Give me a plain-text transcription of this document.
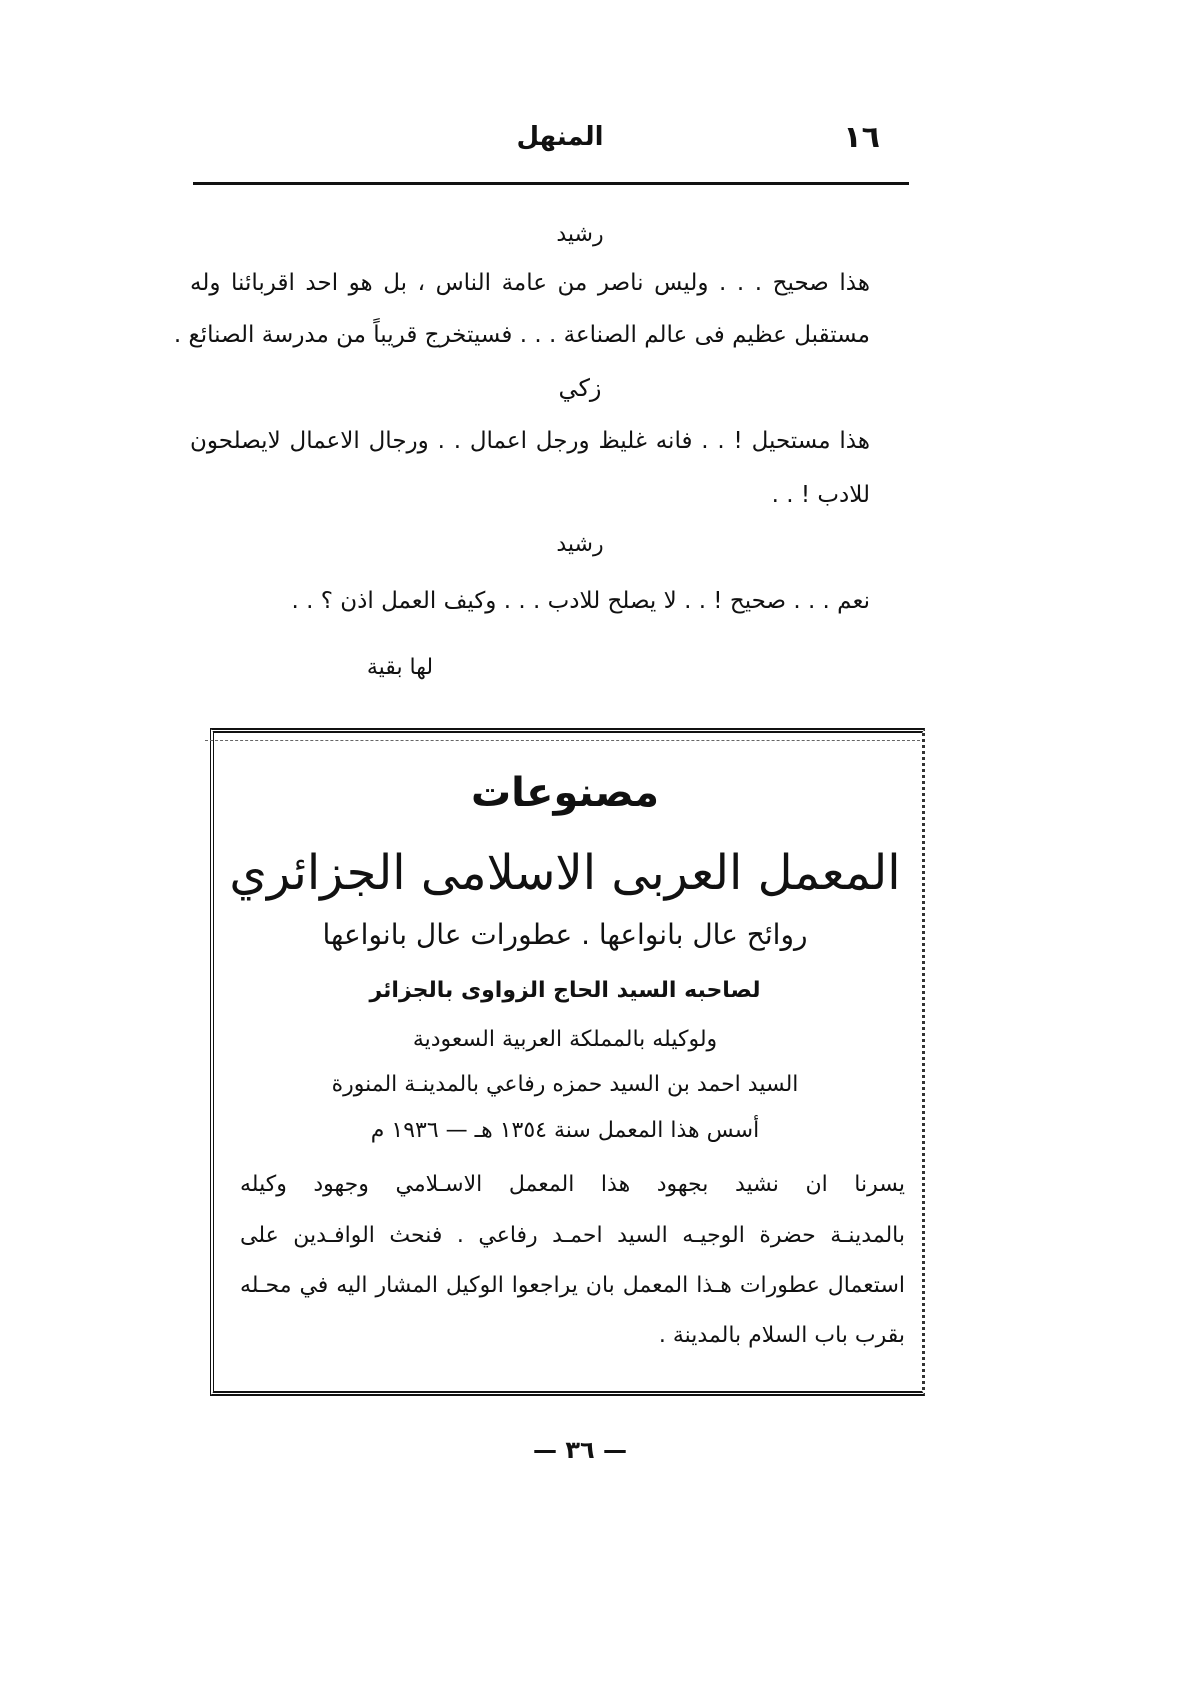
١٦
المنهل
رشيد
هذا صحيح . . . وليس ناصر من عامة الناس ، بل هو احد اقربائنا وله
مستقبل عظيم فى عالم الصناعة . . . فسيتخرج قريباً من مدرسة الصنائع .
زكي
هذا مستحيل ! . . فانه غليظ ورجل اعمال . . ورجال الاعمال لايصلحون
للادب ! . .
رشيد
نعم . . . صحيح ! . . لا يصلح للادب . . . وكيف العمل اذن ؟ . .
لها بقية
مصنوعات
المعمل العربى الاسلامى الجزائري
روائح عال بانواعها . عطورات عال بانواعها
لصاحبه السيد الحاج الزواوى بالجزائر
ولوكيله بالمملكة العربية السعودية
السيد احمد بن السيد حمزه رفاعي بالمدينـة المنورة
أسس هذا المعمل سنة ١٣٥٤ هـ — ١٩٣٦ م
يسرنا ان نشيد بجهود هذا المعمل الاسـلامي وجهود وكيله
بالمدينـة حضرة الوجيـه السيد احمـد رفاعي . فنحث الوافـدين على
استعمال عطورات هـذا المعمل بان يراجعوا الوكيل المشار اليه في محـله
بقرب باب السلام بالمدينة .
— ٣٦ —
